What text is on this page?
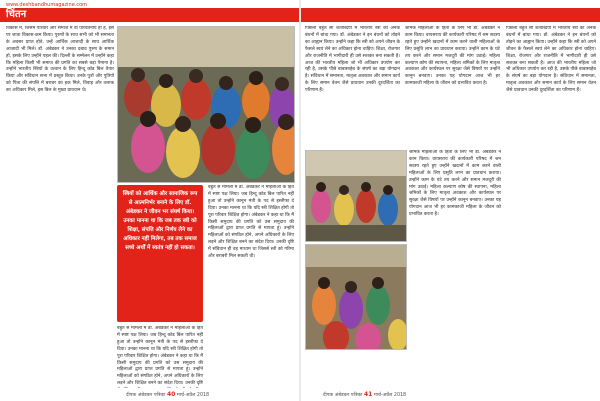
www.deshbandhumagazine.com
चिंतन

विकास में, जिसमें परिवार और समाज में वो परिवर्तनीय ही है, इस पर जाता विकास-क्रम किया। पुरुषों के साथ सभी को भी समानता के अवसर प्राप्त होते, उन्हें आर्थिक आजादी के साथ आर्थिक आजादी भी मिले। डॉ. अंबेडकर ने उनका दबाव पुरुष के समान हो, इसके लिए उन्होंने पहल की। दिल्ली के सम्मेलन में उन्होंने कहा कि महिला किसी भी समाज की प्रगति का सबसे बड़ा पैमाना है। उन्होंने भारतीय स्त्रियों के उत्थान के लिए हिन्दू कोड बिल तैयार किया और संविधान सभा में प्रस्तुत किया। उनके पुत्रों और पुत्रियों को पिता की संपत्ति में बराबर का हक मिले, विवाह और तलाक का अधिकार मिले, इस बिल के मुख्य प्रावधान थे।

बहुत से मामलों में डॉ. अंबेडकर ने महिलाओं के हित में स्पष्ट पक्ष लिया। जब हिन्दू कोड बिल पारित नहीं हुआ तो उन्होंने कानून मंत्री के पद से इस्तीफा दे दिया। उनका मानना था कि यदि स्त्री शिक्षित होगी तो पूरा परिवार शिक्षित होगा। अंबेडकर ने कहा था कि मैं किसी समुदाय की प्रगति को उस समुदाय की महिलाओं द्वारा प्राप्त प्रगति से मापता हूं। उन्होंने महिलाओं को संगठित होने, अपने अधिकारों के लिए लड़ने और शिक्षित बनने का संदेश दिया। उनकी दृष्टि में संविधान ही वह माध्यम था जिससे स्त्री को गरिमा और बराबरी मिल सकती थी।

स्त्रियों को आर्थिक और सामाजिक रूप से आत्मनिर्भर बनाने के लिए डॉ. अंबेडकर ने जीवन भर संघर्ष किया। उनका मानना था कि जब तक स्त्री को शिक्षा, संपत्ति और निर्णय लेने का अधिकार नहीं मिलेगा, तब तक समाज सच्चे अर्थों में स्वतंत्र नहीं हो सकता।

बहुत से मामलों में डॉ. अंबेडकर ने महिलाओं के हित में स्पष्ट पक्ष लिया। जब हिन्दू कोड बिल पारित नहीं हुआ तो उन्होंने कानून मंत्री के पद से इस्तीफा दे दिया। उनका मानना था कि यदि स्त्री शिक्षित होगी तो पूरा परिवार शिक्षित होगा। अंबेडकर ने कहा था कि मैं किसी समुदाय की प्रगति को उस समुदाय की महिलाओं द्वारा प्राप्त प्रगति से मापता हूं। उन्होंने महिलाओं को संगठित होने, अपने अधिकारों के लिए लड़ने और शिक्षित बनने का संदेश दिया। उनकी दृष्टि

दीपक अंबेडकर पत्रिका 40 मार्च-अप्रैल 2018

पिछली बहुत सी शताब्दियों में भारतीय स्त्री को अनेक बंधनों में बांधा गया। डॉ. अंबेडकर ने इन बंधनों को तोड़ने का आह्वान किया। उन्होंने कहा कि स्त्री को अपने जीवन के फैसले स्वयं लेने का अधिकार होना चाहिए। शिक्षा, रोजगार और राजनीति में भागीदारी ही उसे सशक्त बना सकती है। आज की भारतीय महिला जो भी अधिकार उपयोग कर रही है, उसके पीछे बाबासाहेब के संघर्ष का बड़ा योगदान है। संविधान में समानता, मातृत्व अवकाश और समान कार्य के लिए समान वेतन जैसे प्रावधान उनकी दूरदर्शिता का परिणाम हैं।

श्रमिक महिलाओं के हितों के लिए भी डॉ. अंबेडकर ने काम किया। वायसराय की कार्यकारी परिषद में श्रम सदस्य रहते हुए उन्होंने खदानों में काम करने वाली महिलाओं के लिए प्रसूति लाभ का प्रावधान कराया। उन्होंने काम के घंटे तय करने और समान मजदूरी की मांग उठाई। महिला कल्याण कोष की स्थापना, महिला श्रमिकों के लिए मातृत्व अवकाश और कार्यस्थल पर सुरक्षा जैसे विषयों पर उन्होंने कानून बनवाए। उनका यह योगदान आज भी हर कामकाजी महिला के जीवन को प्रभावित करता है।

पिछली बहुत सी शताब्दियों में भारतीय स्त्री को अनेक बंधनों में बांधा गया। डॉ. अंबेडकर ने इन बंधनों को तोड़ने का आह्वान किया। उन्होंने कहा कि स्त्री को अपने जीवन के फैसले स्वयं लेने का अधिकार होना चाहिए। शिक्षा, रोजगार और राजनीति में भागीदारी ही उसे सशक्त बना सकती है। आज की भारतीय महिला जो भी अधिकार उपयोग कर रही है, उसके पीछे बाबासाहेब के संघर्ष का बड़ा योगदान है। संविधान में समानता, मातृत्व अवकाश और समान कार्य के लिए समान वेतन जैसे प्रावधान उनकी दूरदर्शिता का परिणाम हैं।

श्रमिक महिलाओं के हितों के लिए भी डॉ. अंबेडकर ने काम किया। वायसराय की कार्यकारी परिषद में श्रम सदस्य रहते हुए उन्होंने खदानों में काम करने वाली महिलाओं के लिए प्रसूति लाभ का प्रावधान कराया। उन्होंने काम के घंटे तय करने और समान मजदूरी की मांग उठाई। महिला कल्याण कोष की स्थापना, महिला श्रमिकों के लिए मातृत्व अवकाश और कार्यस्थल पर सुरक्षा जैसे विषयों पर उन्होंने कानून बनवाए। उनका यह योगदान आज भी हर कामकाजी महिला के जीवन को प्रभावित करता है।

दीपक अंबेडकर पत्रिका 41 मार्च-अप्रैल 2018
